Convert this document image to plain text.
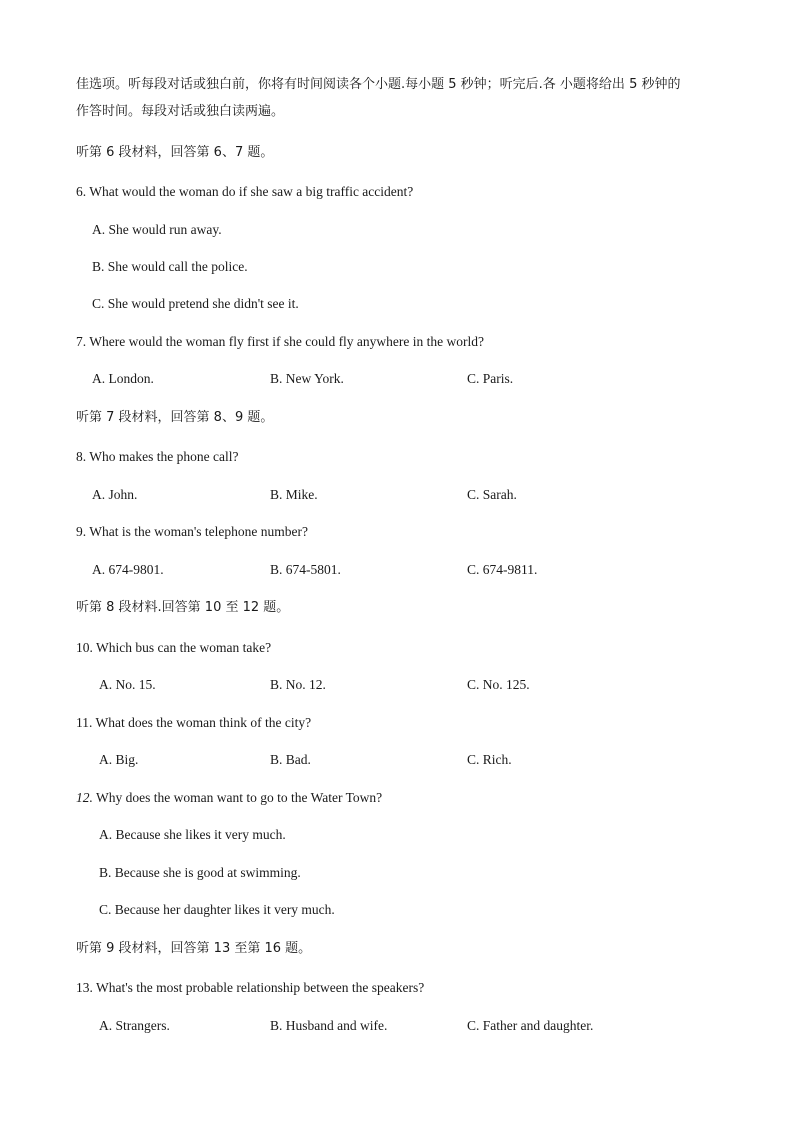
佳选项。听每段对话或独白前，你将有时间阅读各个小题.每小题 5 秒钟；听完后.各 小题将给出 5 秒钟的
作答时间。每段对话或独白读两遍。
听第 6 段材料，回答第 6、7 题。
6. What would the woman do if she saw a big traffic accident?
A. She would run away.
B. She would call the police.
C. She would pretend she didn't see it.
7. Where would the woman fly first if she could fly anywhere in the world?
A. London.	B. New York.	C. Paris.
听第 7 段材料，回答第 8、9 题。
8. Who makes the phone call?
A. John.	B. Mike.	C. Sarah.
9. What is the woman's telephone number?
A. 674-9801.	B. 674-5801.	C. 674-9811.
听第 8 段材料.回答第 10 至 12 题。
10. Which bus can the woman take?
A. No. 15.	B. No. 12.	C. No. 125.
11. What does the woman think of the city?
A. Big.	B. Bad.	C. Rich.
12. Why does the woman want to go to the Water Town?
A. Because she likes it very much.
B. Because she is good at swimming.
C. Because her daughter likes it very much.
听第 9 段材料，回答第 13 至第 16 题。
13. What's the most probable relationship between the speakers?
A. Strangers.	B. Husband and wife.	C. Father and daughter.
